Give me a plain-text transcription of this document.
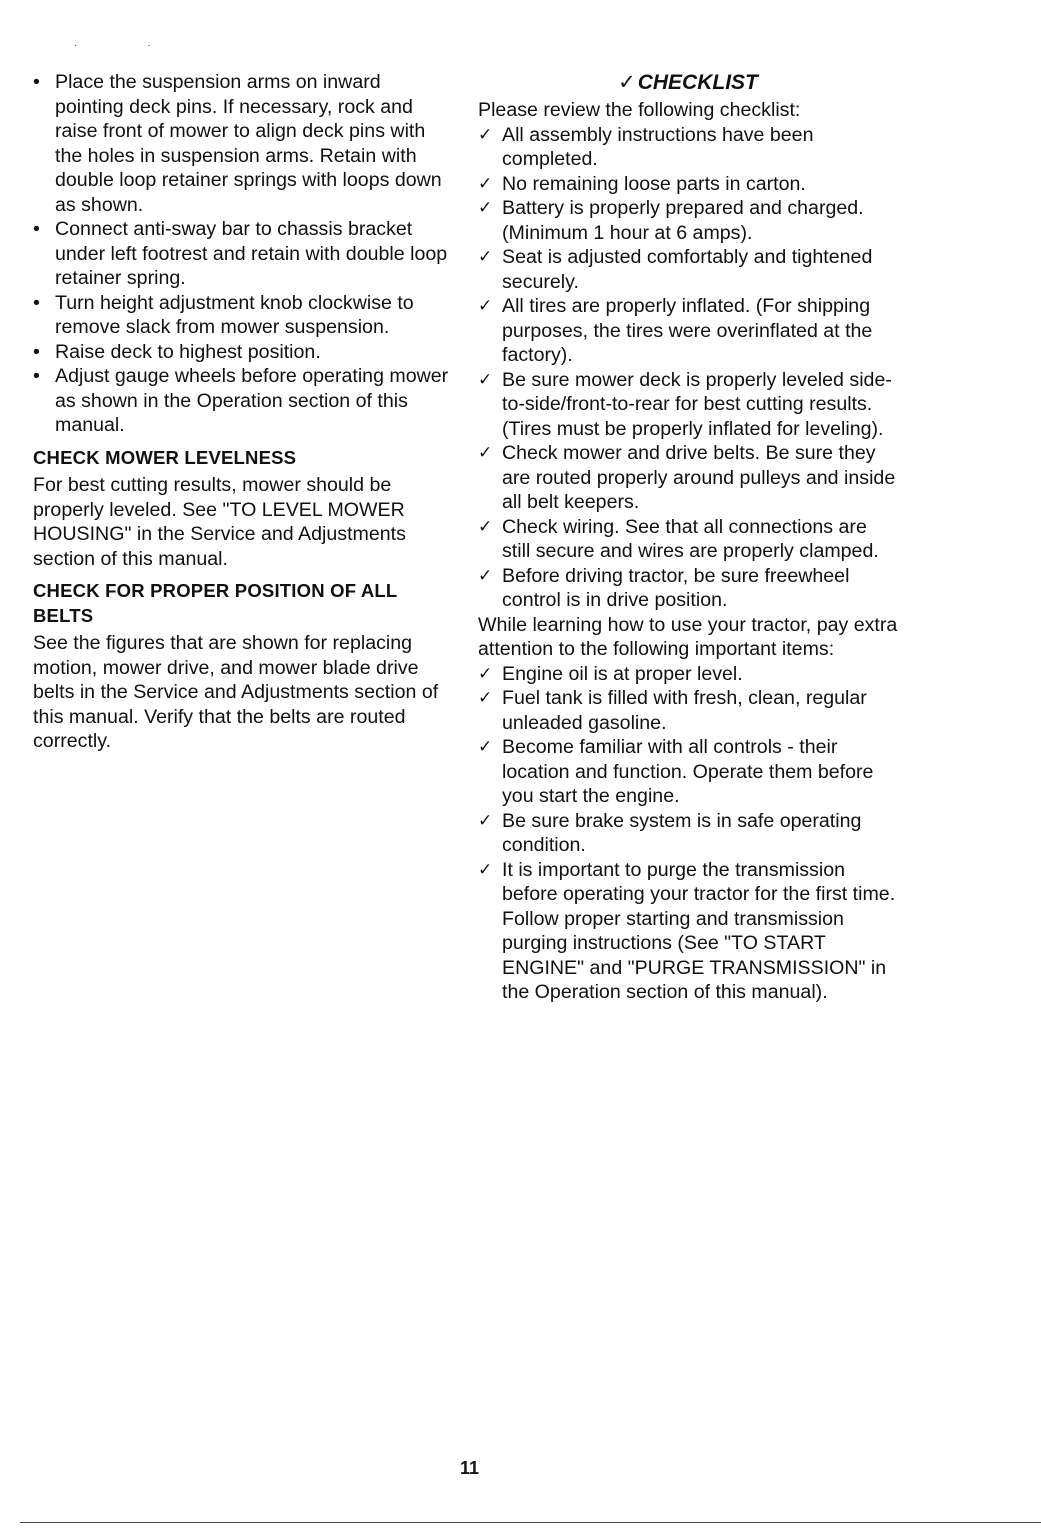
··
• Place the suspension arms on inward pointing deck pins. If necessary, rock and raise front of mower to align deck pins with the holes in suspension arms. Retain with double loop retainer springs with loops down as shown.
• Connect anti-sway bar to chassis bracket under left footrest and retain with double loop retainer spring.
• Turn height adjustment knob clockwise to remove slack from mower suspension.
• Raise deck to highest position.
• Adjust gauge wheels before operating mower as shown in the Operation section of this manual.
CHECK MOWER LEVELNESS

For best cutting results, mower should be properly leveled. See "TO LEVEL MOWER HOUSING" in the Service and Adjustments section of this manual.

CHECK FOR PROPER POSITION OF ALL BELTS

See the figures that are shown for replacing motion, mower drive, and mower blade drive belts in the Service and Adjustments section of this manual. Verify that the belts are routed correctly.

✓CHECKLIST

Please review the following checklist:

✓ All assembly instructions have been completed.
✓ No remaining loose parts in carton.
✓ Battery is properly prepared and charged. (Minimum 1 hour at 6 amps).
✓ Seat is adjusted comfortably and tightened securely.
✓ All tires are properly inflated. (For shipping purposes, the tires were overinflated at the factory).
✓ Be sure mower deck is properly leveled side-to-side/front-to-rear for best cutting results. (Tires must be properly inflated for leveling).
✓ Check mower and drive belts. Be sure they are routed properly around pulleys and inside all belt keepers.
✓ Check wiring. See that all connections are still secure and wires are properly clamped.
✓ Before driving tractor, be sure freewheel control is in drive position.

While learning how to use your tractor, pay extra attention to the following important items:

✓ Engine oil is at proper level.
✓ Fuel tank is filled with fresh, clean, regular unleaded gasoline.
✓ Become familiar with all controls - their location and function. Operate them before you start the engine.
✓ Be sure brake system is in safe operating condition.
✓ It is important to purge the transmission before operating your tractor for the first time. Follow proper starting and transmission purging instructions (See "TO START ENGINE" and "PURGE TRANSMISSION" in the Operation section of this manual).
11
